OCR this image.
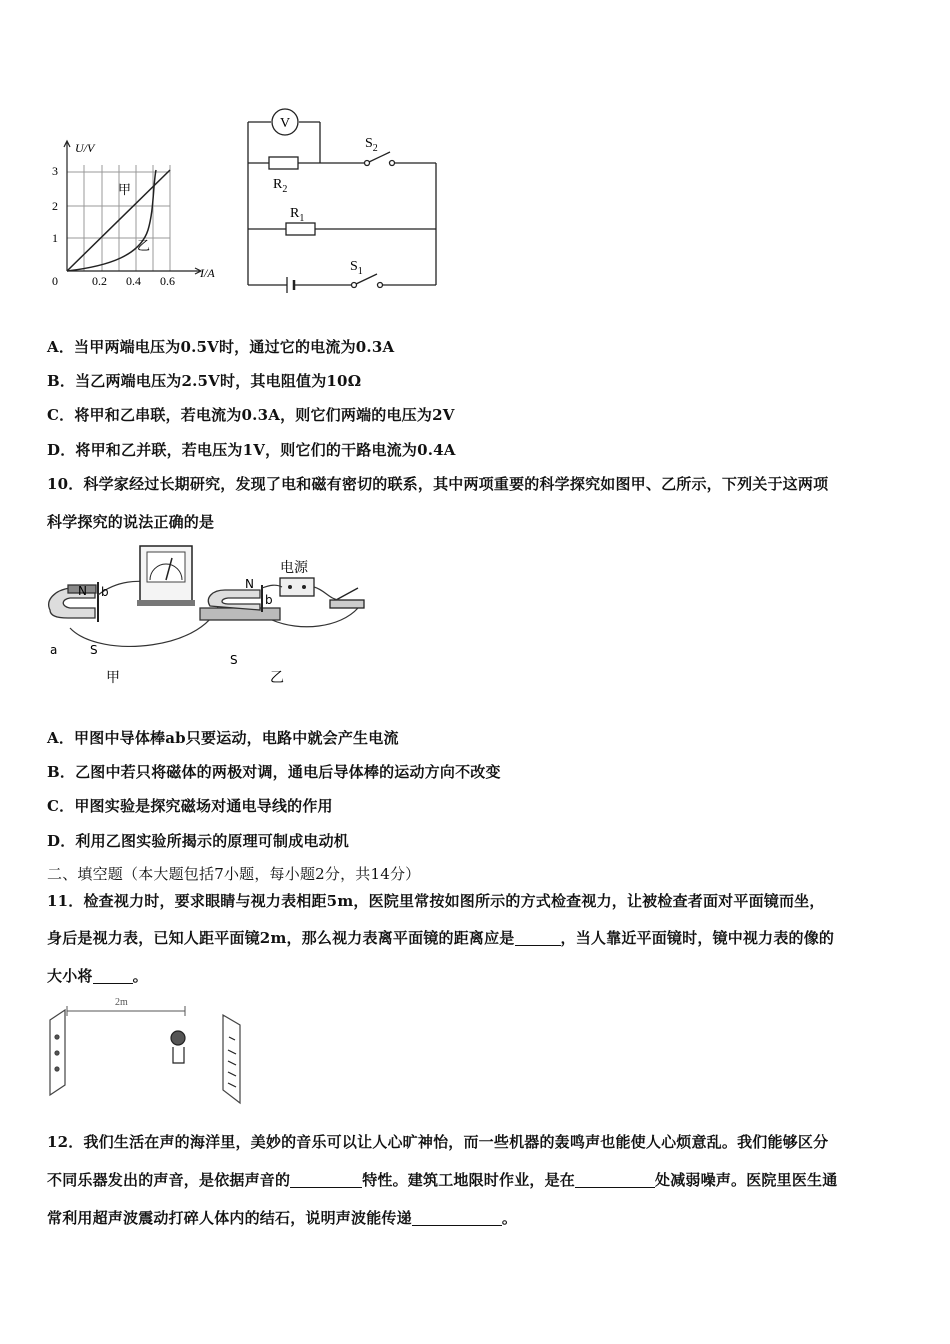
U/V
I/A
3
2
1
0	0.2 0.4 0.6
甲
乙
V
$S_2$
$R_2$
$R_1$
$S_1$
A．当甲两端电压为0.5V时，通过它的电流为0.3A
B．当乙两端电压为2.5V时，其电阻值为10Ω
C．将甲和乙串联，若电流为0.3A，则它们两端的电压为2V
D．将甲和乙并联，若电压为1V，则它们的干路电流为0.4A
10．科学家经过长期研究，发现了电和磁有密切的联系，其中两项重要的科学探究如图甲、乙所示，下列关于这两项
科学探究的说法正确的是
N b
a	S
甲
电源
N
b
S
乙
A．甲图中导体棒ab只要运动，电路中就会产生电流
B．乙图中若只将磁体的两极对调，通电后导体棒的运动方向不改变
C．甲图实验是探究磁场对通电导线的作用
D．利用乙图实验所揭示的原理可制成电动机
二、填空题（本大题包括7小题，每小题2分，共14分）
11．检查视力时，要求眼睛与视力表相距5m，医院里常按如图所示的方式检查视力，让被检查者面对平面镜而坐，
身后是视力表，已知人距平面镜2m，那么视力表离平面镜的距离应是	，当人靠近平面镜时，镜中视力表的像的
大小将	。
2m
12．我们生活在声的海洋里，美妙的音乐可以让人心旷神怡，而一些机器的轰鸣声也能使人心烦意乱。我们能够区分
不同乐器发出的声音，是依据声音的	特性。建筑工地限时作业，是在	处减弱噪声。医院里医生通
常利用超声波震动打碎人体内的结石，说明声波能传递	。
